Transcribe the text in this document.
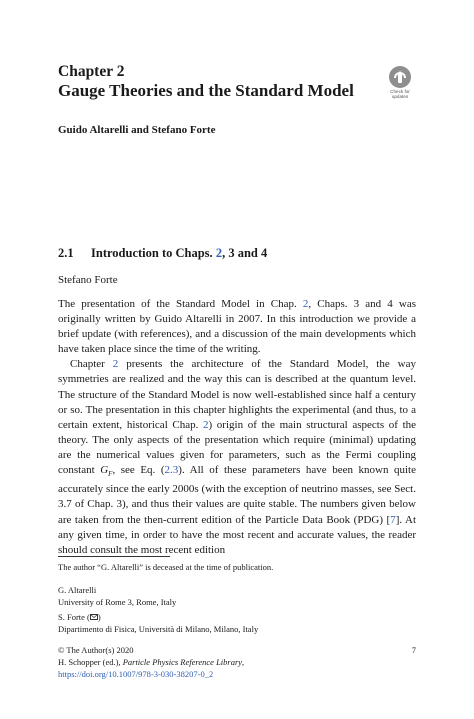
Chapter 2
Gauge Theories and the Standard Model	Check for
updates
Guido Altarelli and Stefano Forte
2.1 Introduction to Chaps. 2, 3 and 4
Stefano Forte

The presentation of the Standard Model in Chap. 2, Chaps. 3 and 4 was originally written by Guido Altarelli in 2007. In this introduction we provide a brief update (with references), and a discussion of the main developments which have taken place since the time of the writing.

Chapter 2 presents the architecture of the Standard Model, the way symmetries are realized and the way this can is described at the quantum level. The structure of the Standard Model is now well-established since half a century or so. The presentation in this chapter highlights the experimental (and thus, to a certain extent, historical Chap. 2) origin of the main structural aspects of the theory. The only aspects of the presentation which require (minimal) updating are the numerical values given for parameters, such as the Fermi coupling constant $G_F$, see Eq. (2.3). All of these parameters have been known quite accurately since the early 2000s (with the exception of neutrino masses, see Sect. 3.7 of Chap. 3), and thus their values are quite stable. The numbers given below are taken from the then-current edition of the Particle Data Book (PDG) [7]. At any given time, in order to have the most recent and accurate values, the reader should consult the most recent edition

The author “G. Altarelli” is deceased at the time of publication.
G. Altarelli
University of Rome 3, Rome, Italy
S. Forte ( )
Dipartimento di Fisica, Università di Milano, Milano, Italy
© The Author(s) 2020
H. Schopper (ed.), Particle Physics Reference Library,
https://doi.org/10.1007/978-3-030-38207-0_2
7
